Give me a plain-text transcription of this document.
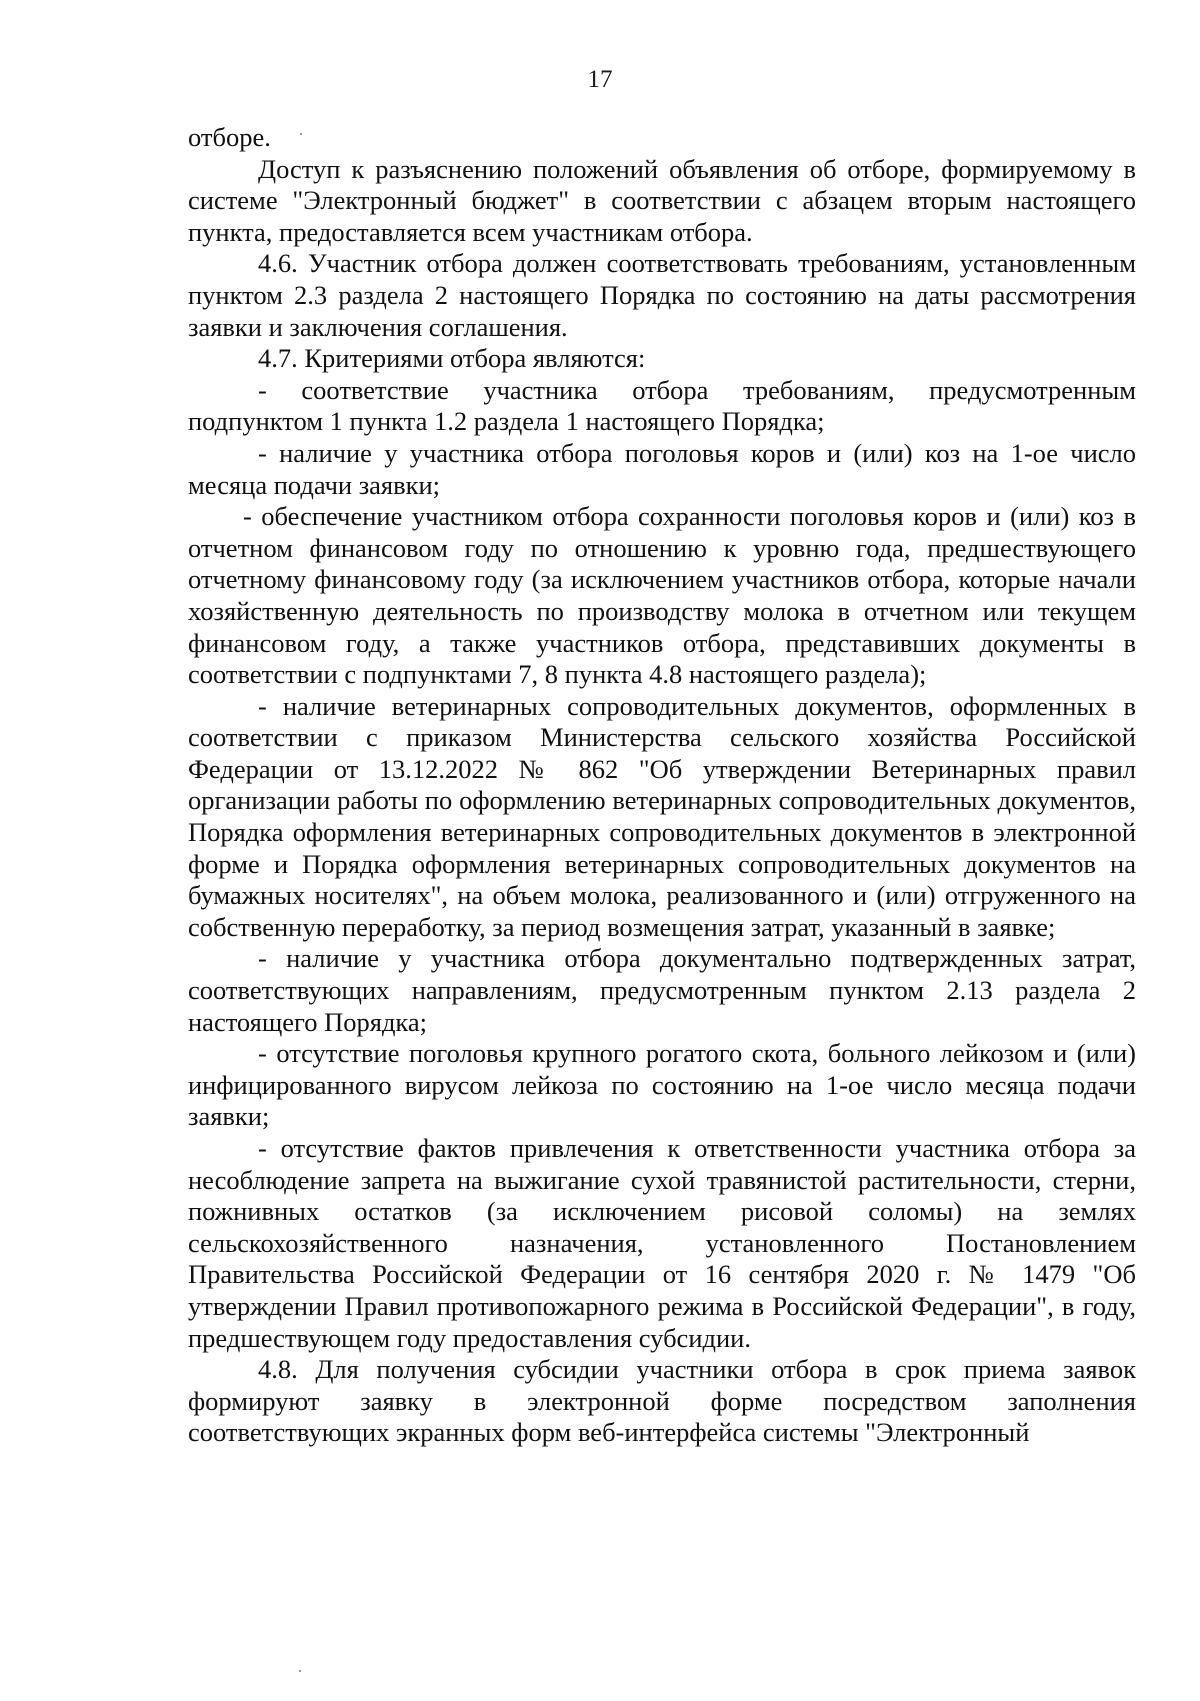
17

отборе.

Доступ к разъяснению положений объявления об отборе, формируемому в системе "Электронный бюджет" в соответствии с абзацем вторым настоящего пункта, предоставляется всем участникам отбора.

4.6. Участник отбора должен соответствовать требованиям, установленным пунктом 2.3 раздела 2 настоящего Порядка по состоянию на даты рассмотрения заявки и заключения соглашения.

4.7. Критериями отбора являются:

- соответствие участника отбора требованиям, предусмотренным подпунктом 1 пункта 1.2 раздела 1 настоящего Порядка;

- наличие у участника отбора поголовья коров и (или) коз на 1-ое число месяца подачи заявки;

- обеспечение участником отбора сохранности поголовья коров и (или) коз в отчетном финансовом году по отношению к уровню года, предшествующего отчетному финансовому году (за исключением участников отбора, которые начали хозяйственную деятельность по производству молока в отчетном или текущем финансовом году, а также участников отбора, представивших документы в соответствии с подпунктами 7, 8 пункта 4.8 настоящего раздела);

- наличие ветеринарных сопроводительных документов, оформленных в соответствии с приказом Министерства сельского хозяйства Российской Федерации от 13.12.2022 № 862 "Об утверждении Ветеринарных правил организации работы по оформлению ветеринарных сопроводительных документов, Порядка оформления ветеринарных сопроводительных документов в электронной форме и Порядка оформления ветеринарных сопроводительных документов на бумажных носителях", на объем молока, реализованного и (или) отгруженного на собственную переработку, за период возмещения затрат, указанный в заявке;

- наличие у участника отбора документально подтвержденных затрат, соответствующих направлениям, предусмотренным пунктом 2.13 раздела 2 настоящего Порядка;

- отсутствие поголовья крупного рогатого скота, больного лейкозом и (или) инфицированного вирусом лейкоза по состоянию на 1-ое число месяца подачи заявки;

- отсутствие фактов привлечения к ответственности участника отбора за несоблюдение запрета на выжигание сухой травянистой растительности, стерни, пожнивных остатков (за исключением рисовой соломы) на землях сельскохозяйственного назначения, установленного Постановлением Правительства Российской Федерации от 16 сентября 2020 г. № 1479 "Об утверждении Правил противопожарного режима в Российской Федерации", в году, предшествующем году предоставления субсидии.

4.8. Для получения субсидии участники отбора в срок приема заявок формируют заявку в электронной форме посредством заполнения соответствующих экранных форм веб-интерфейса системы "Электронный
